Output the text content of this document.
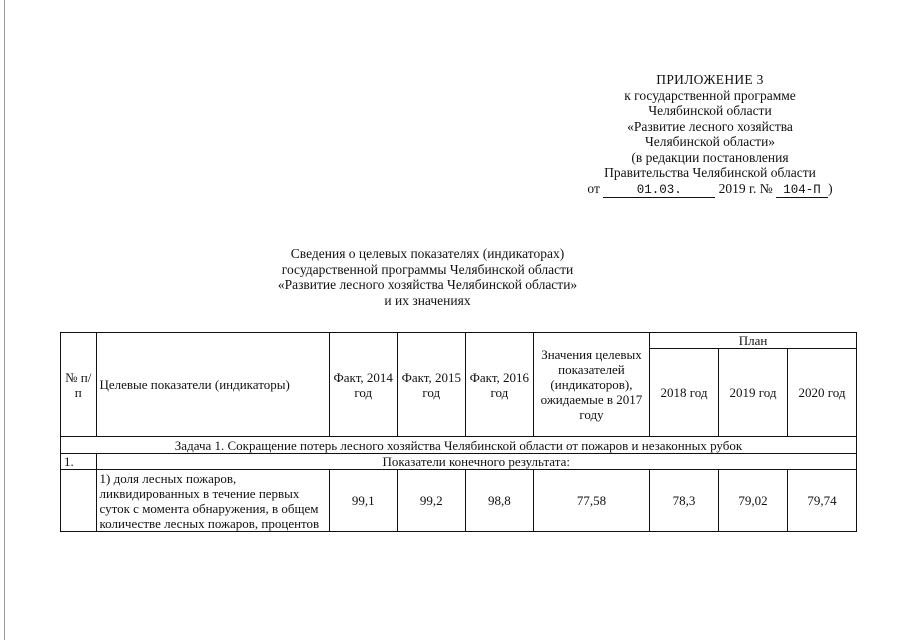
ПРИЛОЖЕНИЕ 3
к государственной программе
Челябинской области
«Развитие лесного хозяйства
Челябинской области»
(в редакции постановления
Правительства Челябинской области
от	01.03.	2019 г. № 104-П )
Сведения о целевых показателях (индикаторах)
государственной программы Челябинской области
«Развитие лесного хозяйства Челябинской области»
и их значениях
№ п/п	Целевые показатели (индикаторы)	Факт, 2014 год	Факт, 2015 год	Факт, 2016 год	Значения целевых показателей (индикаторов), ожидаемые в 2017 году	План		
						2018 год	2019 год	2020 год
Задача 1. Сокращение потерь лесного хозяйства Челябинской области от пожаров и незаконных рубок								
1.	Показатели конечного результата:							
	1) доля лесных пожаров, ликвидированных в течение первых суток с момента обнаружения, в общем количестве лесных пожаров, процентов	99,1	99,2	98,8	77,58	78,3	79,02	79,74
